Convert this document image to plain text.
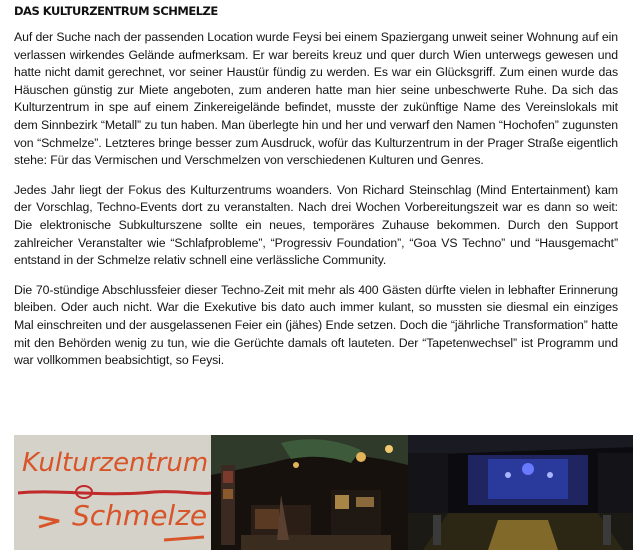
DAS KULTURZENTRUM SCHMELZE

Auf der Suche nach der passenden Location wurde Feysi bei einem Spaziergang unweit seiner Wohnung auf ein verlassen wirkendes Gelände aufmerksam. Er war bereits kreuz und quer durch Wien unterwegs gewesen und hatte nicht damit gerechnet, vor seiner Haustür fündig zu werden. Es war ein Glücksgriff. Zum einen wurde das Häuschen günstig zur Miete angeboten, zum anderen hatte man hier seine unbeschwerte Ruhe. Da sich das Kulturzentrum in spe auf einem Zinkereigelände befindet, musste der zukünftige Name des Vereinslokals mit dem Sinnbezirk “Metall” zu tun haben. Man überlegte hin und her und verwarf den Namen “Hochofen” zugunsten von “Schmelze”. Letzteres bringe besser zum Ausdruck, wofür das Kulturzentrum in der Prager Straße eigentlich stehe: Für das Vermischen und Verschmelzen von verschiedenen Kulturen und Genres.

Jedes Jahr liegt der Fokus des Kulturzentrums woanders. Von Richard Steinschlag (Mind Entertainment) kam der Vorschlag, Techno-Events dort zu veranstalten. Nach drei Wochen Vorbereitungszeit war es dann so weit: Die elektronische Subkulturszene sollte ein neues, temporäres Zuhause bekommen. Durch den Support zahlreicher Veranstalter wie “Schlafprobleme”, “Progressiv Foundation”, “Goa VS Techno” und “Hausgemacht” entstand in der Schmelze relativ schnell eine verlässliche Community.

Die 70-stündige Abschlussfeier dieser Techno-Zeit mit mehr als 400 Gästen dürfte vielen in lebhafter Erinnerung bleiben. Oder auch nicht. War die Exekutive bis dato auch immer kulant, so mussten sie diesmal ein einziges Mal einschreiten und der ausgelassenen Feier ein (jähes) Ende setzen. Doch die “jährliche Transformation” hatte mit den Behörden wenig zu tun, wie die Gerüchte damals oft lauteten. Der “Tapetenwechsel” ist Programm und war vollkommen beabsichtigt, so Feysi.

Kulturzentrum
Schmelze
